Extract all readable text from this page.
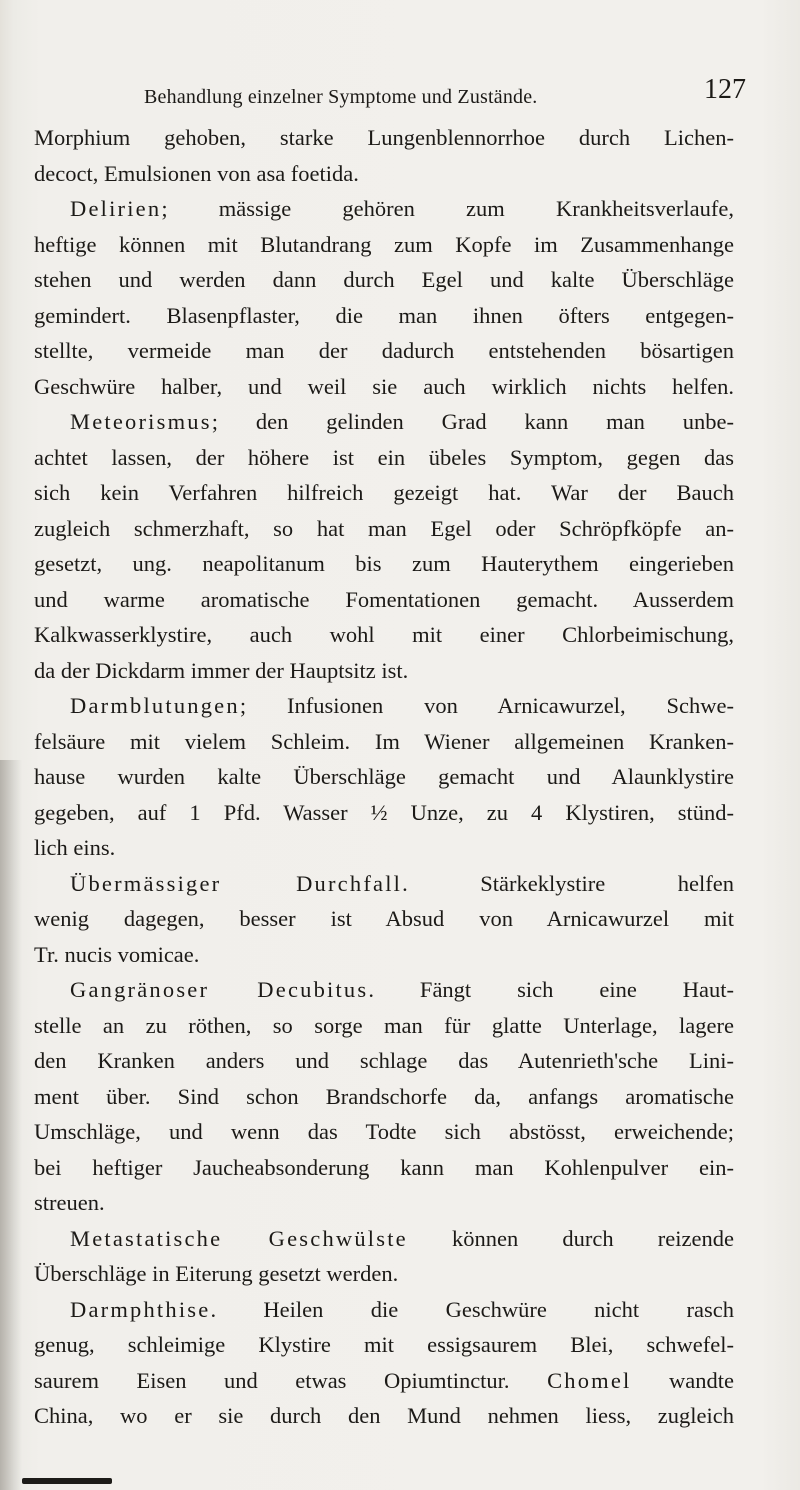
Behandlung einzelner Symptome und Zustände.	127
Morphium gehoben, starke Lungenblennorrhoe durch Lichen-
decoct, Emulsionen von asa foetida.
Delirien; mässige gehören zum Krankheitsverlaufe,
heftige können mit Blutandrang zum Kopfe im Zusammenhange
stehen und werden dann durch Egel und kalte Überschläge
gemindert. Blasenpflaster, die man ihnen öfters entgegen-
stellte, vermeide man der dadurch entstehenden bösartigen
Geschwüre halber, und weil sie auch wirklich nichts helfen.
Meteorismus; den gelinden Grad kann man unbe-
achtet lassen, der höhere ist ein übeles Symptom, gegen das
sich kein Verfahren hilfreich gezeigt hat. War der Bauch
zugleich schmerzhaft, so hat man Egel oder Schröpfköpfe an-
gesetzt, ung. neapolitanum bis zum Hauterythem eingerieben
und warme aromatische Fomentationen gemacht. Ausserdem
Kalkwasserklystire, auch wohl mit einer Chlorbeimischung,
da der Dickdarm immer der Hauptsitz ist.
Darmblutungen; Infusionen von Arnicawurzel, Schwe-
felsäure mit vielem Schleim. Im Wiener allgemeinen Kranken-
hause wurden kalte Überschläge gemacht und Alaunklystire
gegeben, auf 1 Pfd. Wasser ½ Unze, zu 4 Klystiren, stünd-
lich eins.
Übermässiger Durchfall. Stärkeklystire helfen
wenig dagegen, besser ist Absud von Arnicawurzel mit
Tr. nucis vomicae.
Gangränoser Decubitus. Fängt sich eine Haut-
stelle an zu röthen, so sorge man für glatte Unterlage, lagere
den Kranken anders und schlage das Autenrieth'sche Lini-
ment über. Sind schon Brandschorfe da, anfangs aromatische
Umschläge, und wenn das Todte sich abstösst, erweichende;
bei heftiger Jaucheabsonderung kann man Kohlenpulver ein-
streuen.
Metastatische Geschwülste können durch reizende
Überschläge in Eiterung gesetzt werden.
Darmphthise. Heilen die Geschwüre nicht rasch
genug, schleimige Klystire mit essigsaurem Blei, schwefel-
saurem Eisen und etwas Opiumtinctur. Chomel wandte
China, wo er sie durch den Mund nehmen liess, zugleich
